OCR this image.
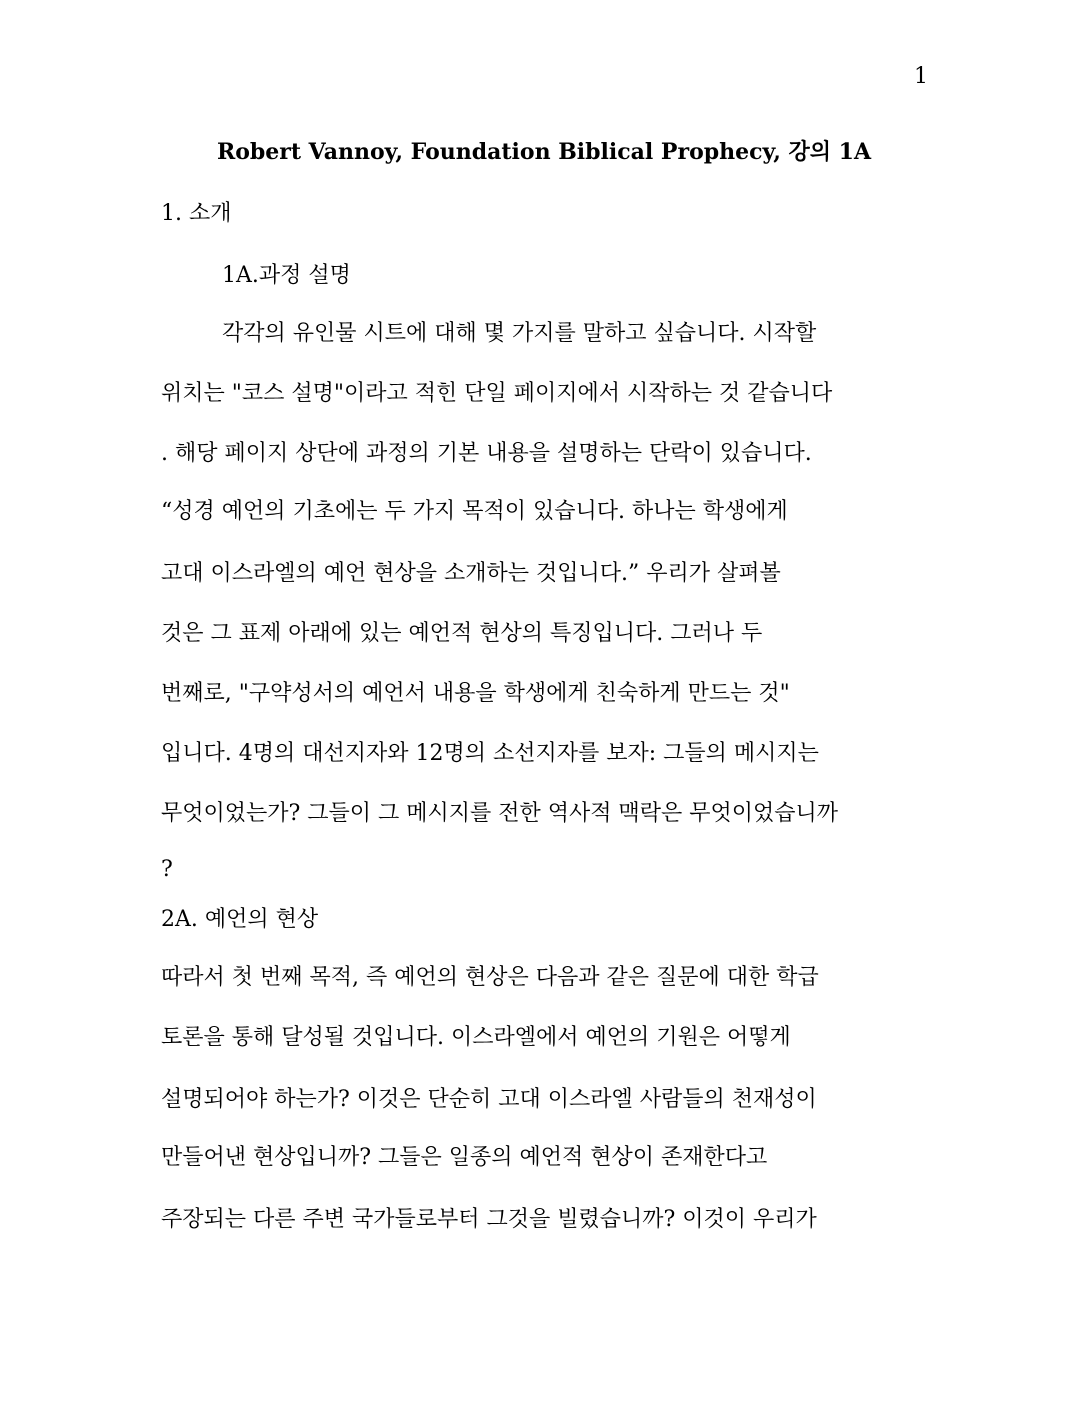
1
Robert Vannoy, Foundation Biblical Prophecy, 강의 1A
1. 소개
1A.과정 설명
각각의 유인물 시트에 대해 몇 가지를 말하고 싶습니다. 시작할
위치는 "코스 설명"이라고 적힌 단일 페이지에서 시작하는 것 같습니다
. 해당 페이지 상단에 과정의 기본 내용을 설명하는 단락이 있습니다.
“성경 예언의 기초에는 두 가지 목적이 있습니다. 하나는 학생에게
고대 이스라엘의 예언 현상을 소개하는 것입니다.” 우리가 살펴볼
것은 그 표제 아래에 있는 예언적 현상의 특징입니다. 그러나 두
번째로, "구약성서의 예언서 내용을 학생에게 친숙하게 만드는 것"
입니다. 4명의 대선지자와 12명의 소선지자를 보자: 그들의 메시지는
무엇이었는가? 그들이 그 메시지를 전한 역사적 맥락은 무엇이었습니까
?
2A. 예언의 현상
따라서 첫 번째 목적, 즉 예언의 현상은 다음과 같은 질문에 대한 학급
토론을 통해 달성될 것입니다. 이스라엘에서 예언의 기원은 어떻게
설명되어야 하는가? 이것은 단순히 고대 이스라엘 사람들의 천재성이
만들어낸 현상입니까? 그들은 일종의 예언적 현상이 존재한다고
주장되는 다른 주변 국가들로부터 그것을 빌렸습니까? 이것이 우리가
